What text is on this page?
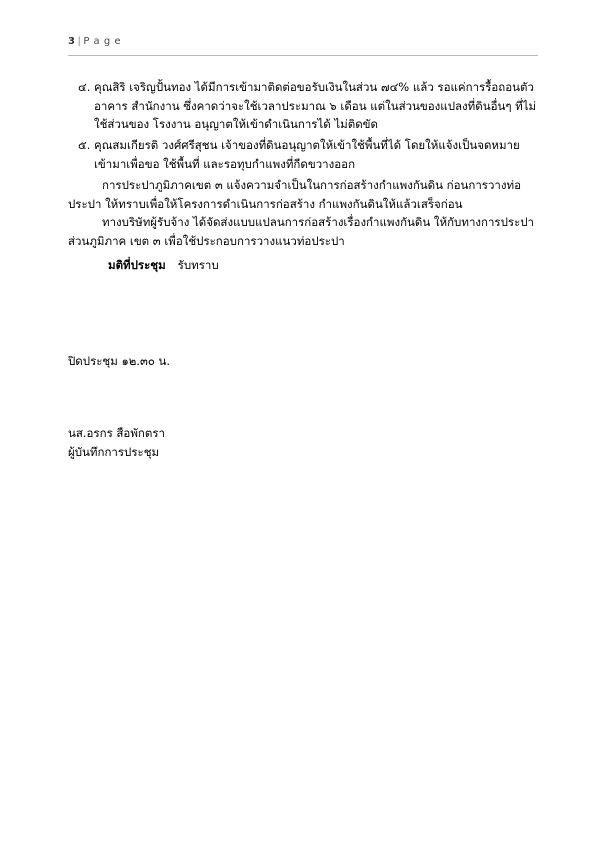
3 | P a g e
๔. คุณสิริ เจริญปั้นทอง ได้มีการเข้ามาติดต่อขอรับเงินในส่วน ๗๔% แล้ว รอแค่การรื้อถอนตัวอาคาร สำนักงาน ซึ่งคาดว่าจะใช้เวลาประมาณ ๖ เดือน แต่ในส่วนของแปลงที่ดินอื่นๆ ที่ไม่ใช้ส่วนของ โรงงาน อนุญาตให้เข้าดำเนินการได้ ไม่ติดขัด
๕. คุณสมเกียรติ วงศ์ศรีสุชน เจ้าของที่ดินอนุญาตให้เข้าใช้พื้นที่ได้ โดยให้แจ้งเป็นจดหมายเข้ามาเพื่อขอ ใช้พื้นที่ และรอทุบกำแพงที่กีดขวางออก

การประปาภูมิภาคเขต ๓ แจ้งความจำเป็นในการก่อสร้างกำแพงกันดิน ก่อนการวางท่อประปา ให้ทราบเพื่อให้โครงการดำเนินการก่อสร้าง กำแพงกันดินให้แล้วเสร็จก่อน

ทางบริษัทผู้รับจ้าง ได้จัดส่งแบบแปลนการก่อสร้างเรื่องกำแพงกันดิน ให้กับทางการประปาส่วนภูมิภาค เขต ๓ เพื่อใช้ประกอบการวางแนวท่อประปา

มติที่ประชุม รับทราบ

ปิดประชุม ๑๒.๓๐ น.

นส.อรกร สือพักตรา
ผู้บันทึกการประชุม
